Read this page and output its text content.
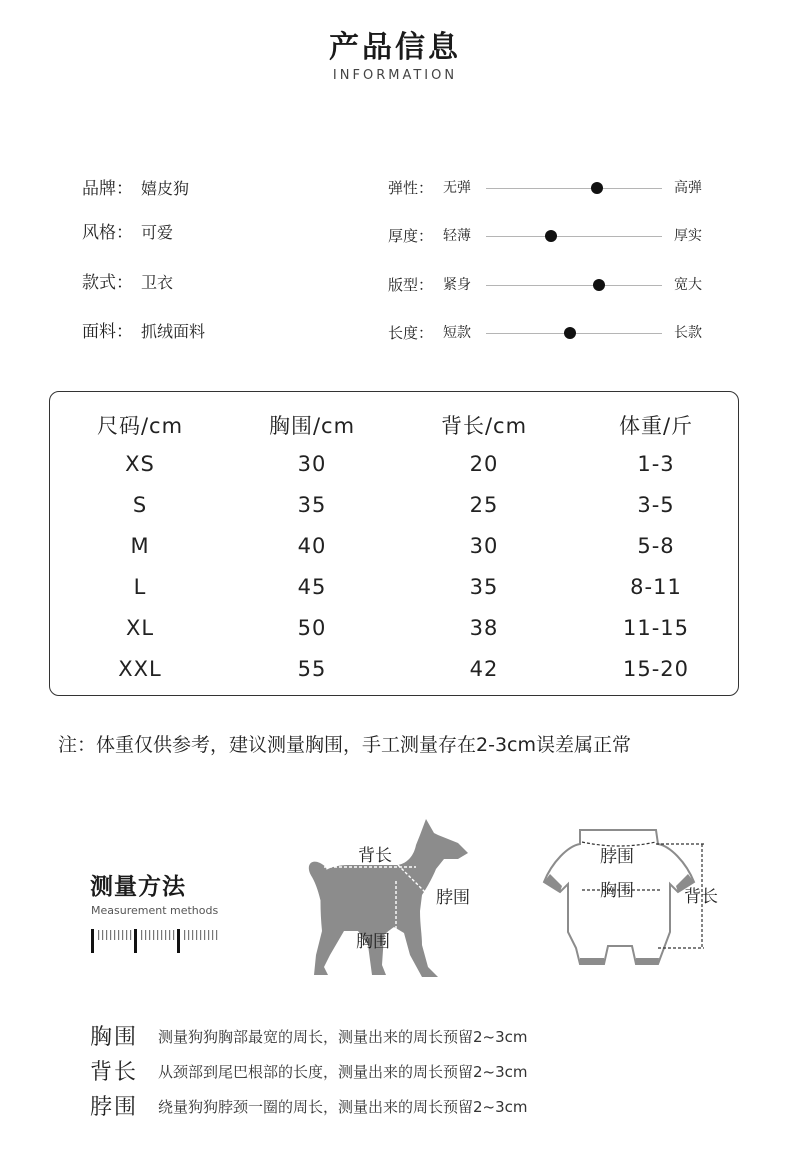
产品信息
INFORMATION
品牌： 嬉皮狗
风格： 可爱
款式： 卫衣
面料： 抓绒面料
弹性： 无弹	高弹
厚度： 轻薄	厚实
版型： 紧身	宽大
长度： 短款	长款
尺码/cm	胸围/cm	背长/cm	体重/斤
XS	30	20	1-3
S	35	25	3-5
M	40	30	5-8
L	45	35	8-11
XL	50	38	11-15
XXL	55	42	15-20
注：体重仅供参考，建议测量胸围，手工测量存在2-3cm误差属正常
测量方法
Measurement methods
背长
脖围
胸围
脖围
胸围	背长
胸围 测量狗狗胸部最宽的周长，测量出来的周长预留2~3cm
背长 从颈部到尾巴根部的长度，测量出来的周长预留2~3cm
脖围 绕量狗狗脖颈一圈的周长，测量出来的周长预留2~3cm
